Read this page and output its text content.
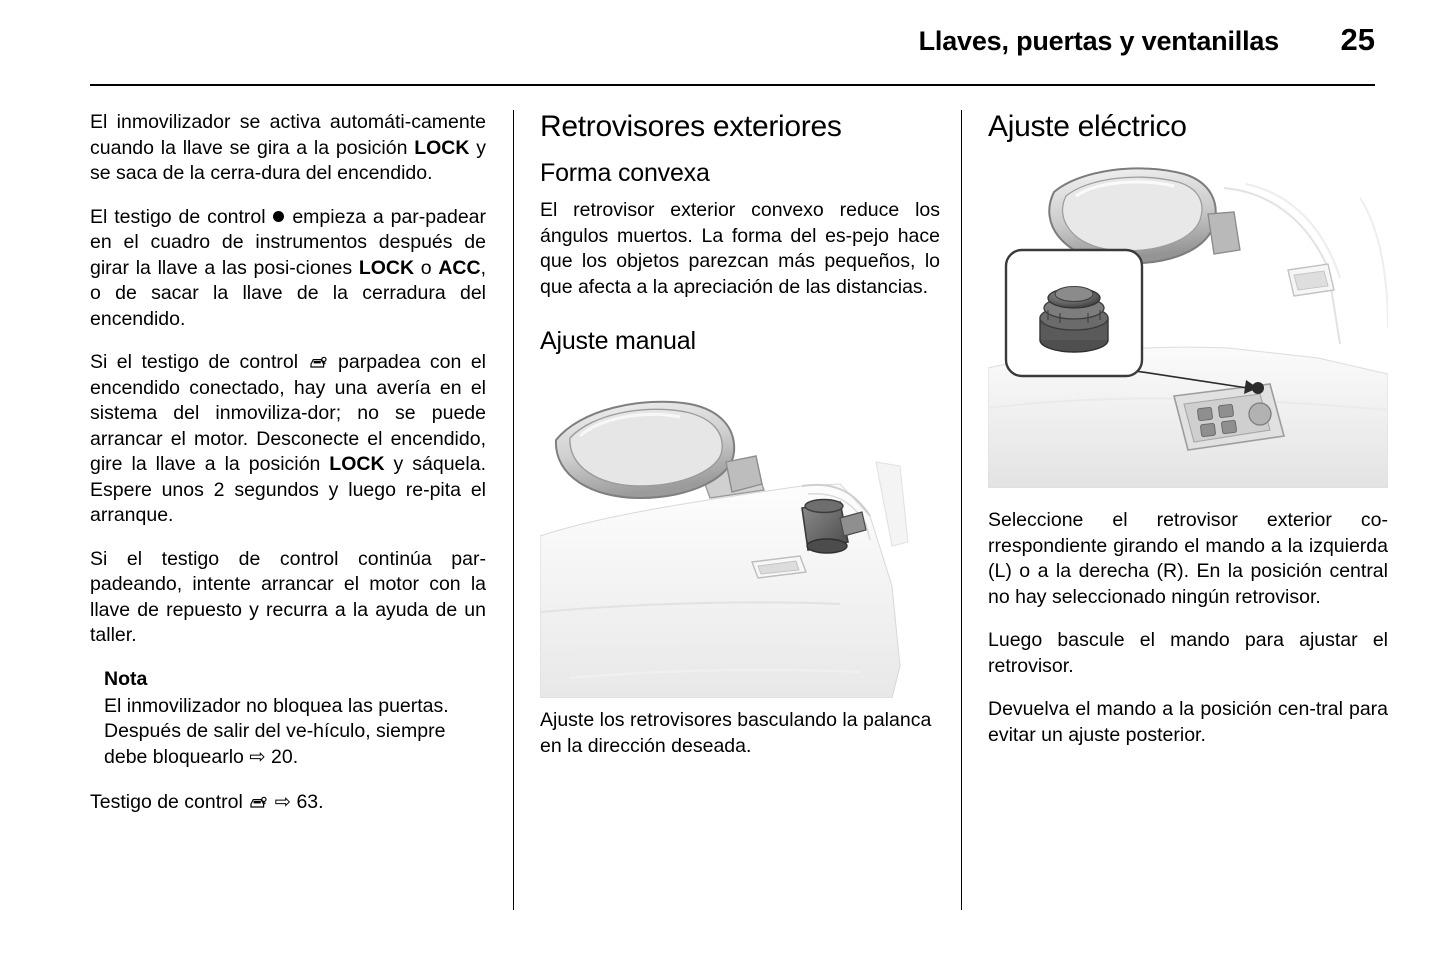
Llaves, puertas y ventanillas	25

El inmovilizador se activa automáti-camente cuando la llave se gira a la posición LOCK y se saca de la cerra-dura del encendido.

El testigo de control  empieza a par-padear en el cuadro de instrumentos después de girar la llave a las posi-ciones LOCK o ACC, o de sacar la llave de la cerradura del encendido.

Si el testigo de control  parpadea con el encendido conectado, hay una avería en el sistema del inmoviliza-dor; no se puede arrancar el motor. Desconecte el encendido, gire la llave a la posición LOCK y sáquela. Espere unos 2 segundos y luego re-pita el arranque.

Si el testigo de control continúa par-padeando, intente arrancar el motor con la llave de repuesto y recurra a la ayuda de un taller.

Nota

El inmovilizador no bloquea las puertas. Después de salir del ve-hículo, siempre debe bloquearlo ⇨ 20.

Testigo de control  ⇨ 63.

Retrovisores exteriores
Forma convexa

El retrovisor exterior convexo reduce los ángulos muertos. La forma del es-pejo hace que los objetos parezcan más pequeños, lo que afecta a la apreciación de las distancias.

Ajuste manual

Ajuste los retrovisores basculando la palanca en la dirección deseada.

Ajuste eléctrico

Seleccione el retrovisor exterior co-rrespondiente girando el mando a la izquierda (L) o a la derecha (R). En la posición central no hay seleccionado ningún retrovisor.

Luego bascule el mando para ajustar el retrovisor.

Devuelva el mando a la posición cen-tral para evitar un ajuste posterior.
